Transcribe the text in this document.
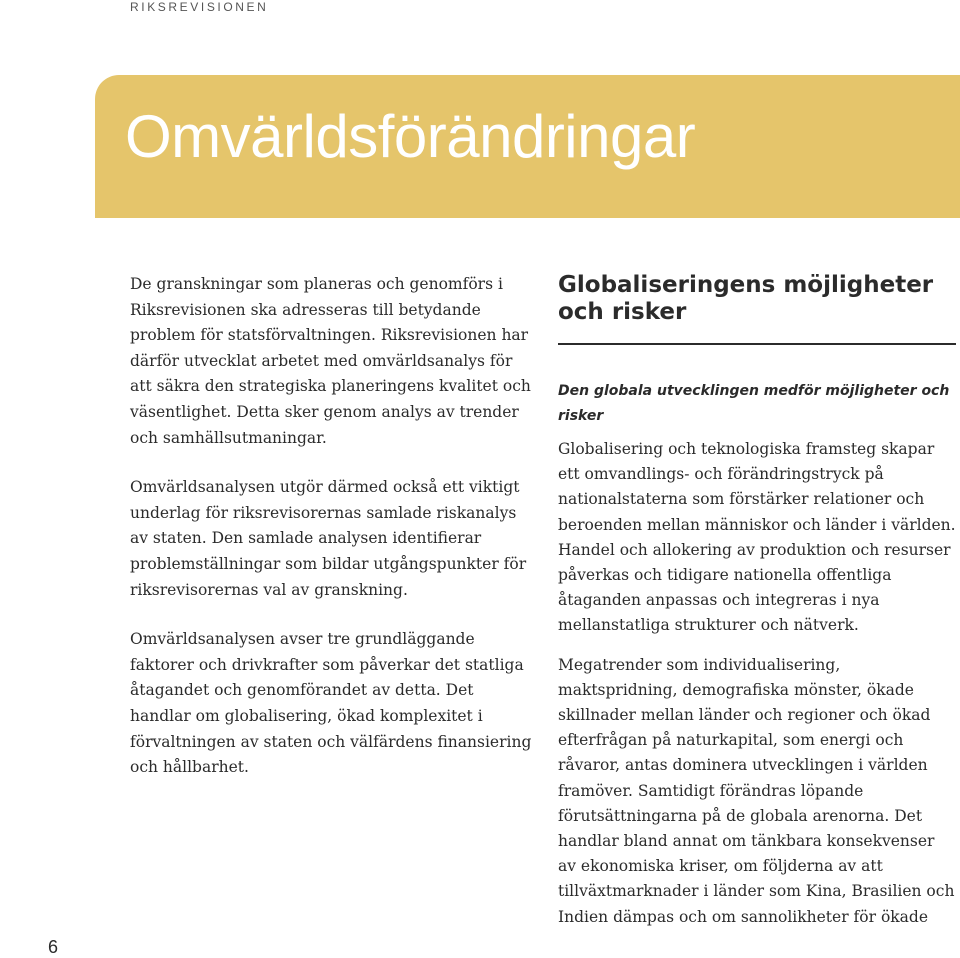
RIKSREVISIONEN
Omvärldsförändringar

De granskningar som planeras och genomförs i Riksrevisionen ska adresseras till betydande problem för statsförvaltningen. Riksrevisionen har därför utvecklat arbetet med omvärldsanalys för att säkra den strategiska planeringens kvalitet och väsentlighet. Detta sker genom analys av trender och samhällsutmaningar.

Omvärldsanalysen utgör därmed också ett viktigt underlag för riksrevisorernas samlade riskanalys av staten. Den samlade analysen identifierar problemställningar som bildar utgångspunkter för riksrevisorernas val av granskning.

Omvärldsanalysen avser tre grundläggande faktorer och drivkrafter som påverkar det statliga åtagandet och genomförandet av detta. Det handlar om globalisering, ökad komplexitet i förvaltningen av staten och välfärdens finansiering och hållbarhet.

Globaliseringens möjligheter
och risker

Den globala utvecklingen medför möjligheter och risker

Globalisering och teknologiska framsteg skapar ett omvandlings- och förändringstryck på nationalstaterna som förstärker relationer och beroenden mellan människor och länder i världen. Handel och allokering av produktion och resurser påverkas och tidigare nationella offentliga åtaganden anpassas och integreras i nya mellanstatliga strukturer och nätverk.

Megatrender som individualisering, maktspridning, demografiska mönster, ökade skillnader mellan länder och regioner och ökad efterfrågan på naturkapital, som energi och råvaror, antas dominera utvecklingen i världen framöver. Samtidigt förändras löpande förutsättningarna på de globala arenorna. Det handlar bland annat om tänkbara konsekvenser av ekonomiska kriser, om följderna av att tillväxtmarknader i länder som Kina, Brasilien och Indien dämpas och om sannolikheter för ökade

6
